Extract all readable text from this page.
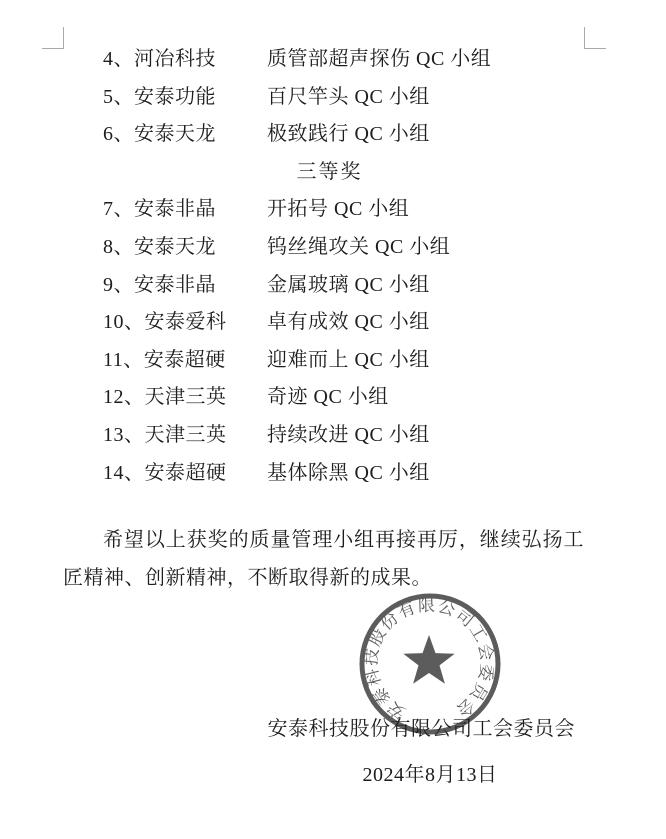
4、河冶科技	质管部超声探伤 QC 小组
5、安泰功能	百尺竿头 QC 小组
6、安泰天龙	极致践行 QC 小组
三等奖
7、安泰非晶	开拓号 QC 小组
8、安泰天龙	钨丝绳攻关 QC 小组
9、安泰非晶	金属玻璃 QC 小组
10、安泰爱科	卓有成效 QC 小组
11、安泰超硬	迎难而上 QC 小组
12、天津三英	奇迹 QC 小组
13、天津三英	持续改进 QC 小组
14、安泰超硬	基体除黑 QC 小组
希望以上获奖的质量管理小组再接再厉，继续弘扬工匠精神、创新精神，不断取得新的成果。
安泰科技股份有限公司工会委员会
安泰科技股份有限公司工会委员会
2024年8月13日
